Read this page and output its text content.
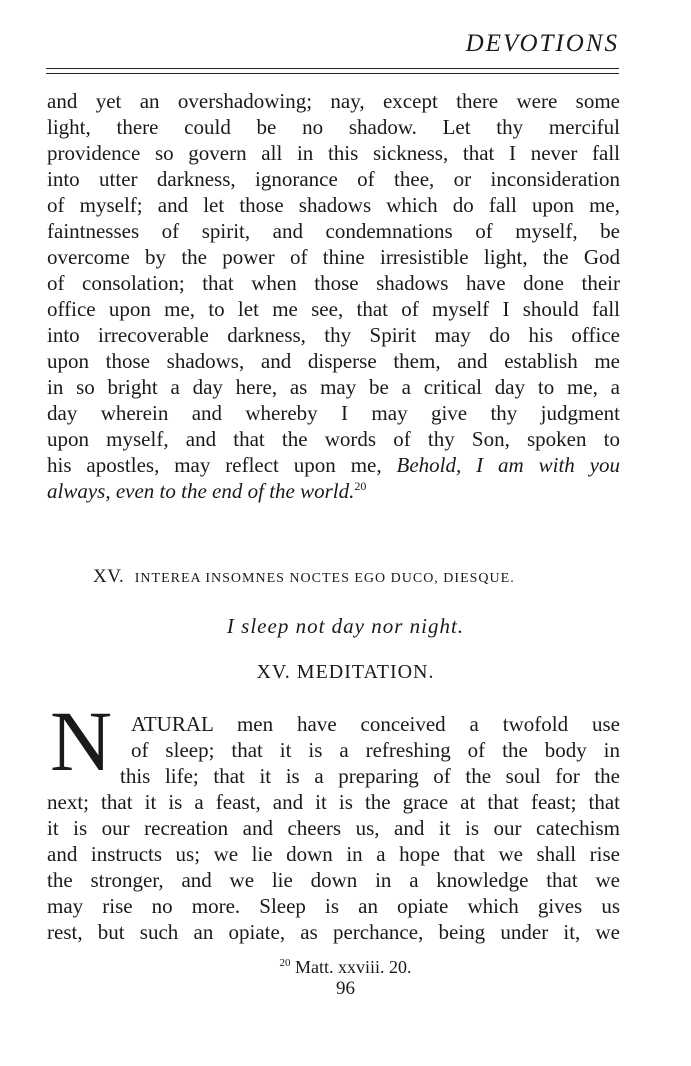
DEVOTIONS
and yet an overshadowing; nay, except there were some
light, there could be no shadow. Let thy merciful
providence so govern all in this sickness, that I never fall
into utter darkness, ignorance of thee, or inconsideration
of myself; and let those shadows which do fall upon me,
faintnesses of spirit, and condemnations of myself, be
overcome by the power of thine irresistible light, the God
of consolation; that when those shadows have done their
office upon me, to let me see, that of myself I should fall
into irrecoverable darkness, thy Spirit may do his office
upon those shadows, and disperse them, and establish me
in so bright a day here, as may be a critical day to me, a
day wherein and whereby I may give thy judgment
upon myself, and that the words of thy Son, spoken to
his apostles, may reflect upon me, Behold, I am with you
always, even to the end of the world.$^{20}$
XV. INTEREA INSOMNES NOCTES EGO DUCO, DIESQUE.
I sleep not day nor night.
XV. MEDITATION.
N ATURAL men have conceived a twofold use
of sleep; that it is a refreshing of the body in
this life; that it is a preparing of the soul for the
next; that it is a feast, and it is the grace at that feast; that
it is our recreation and cheers us, and it is our catechism
and instructs us; we lie down in a hope that we shall rise
the stronger, and we lie down in a knowledge that we
may rise no more. Sleep is an opiate which gives us
rest, but such an opiate, as perchance, being under it, we
$^{20}$ Matt. xxviii. 20.
96
